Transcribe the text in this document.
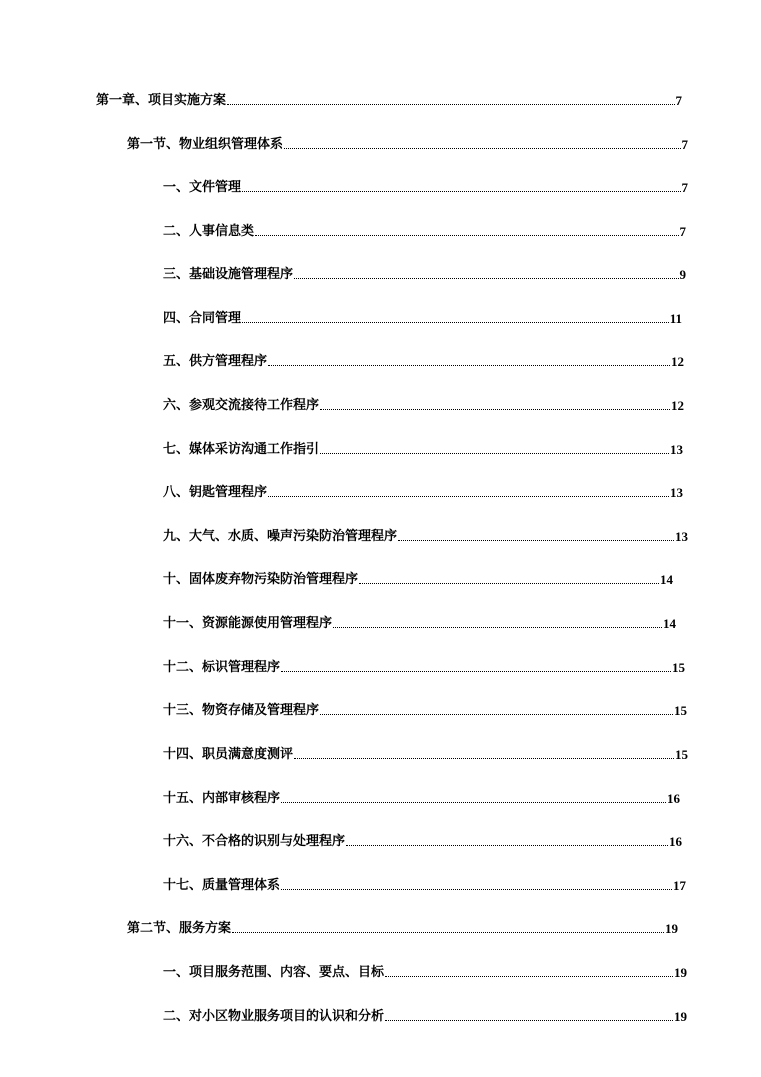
第一章、项目实施方案	7
第一节、物业组织管理体系	7
一、文件管理	7
二、人事信息类	7
三、基础设施管理程序	9
四、合同管理	11
五、供方管理程序	12
六、参观交流接待工作程序	12
七、媒体采访沟通工作指引	13
八、钥匙管理程序	13
九、大气、水质、噪声污染防治管理程序	13
十、固体废弃物污染防治管理程序	14
十一、资源能源使用管理程序	14
十二、标识管理程序	15
十三、物资存储及管理程序	15
十四、职员满意度测评	15
十五、内部审核程序	16
十六、不合格的识别与处理程序	16
十七、质量管理体系	17
第二节、服务方案	19
一、项目服务范围、内容、要点、目标	19
二、对小区物业服务项目的认识和分析	19
